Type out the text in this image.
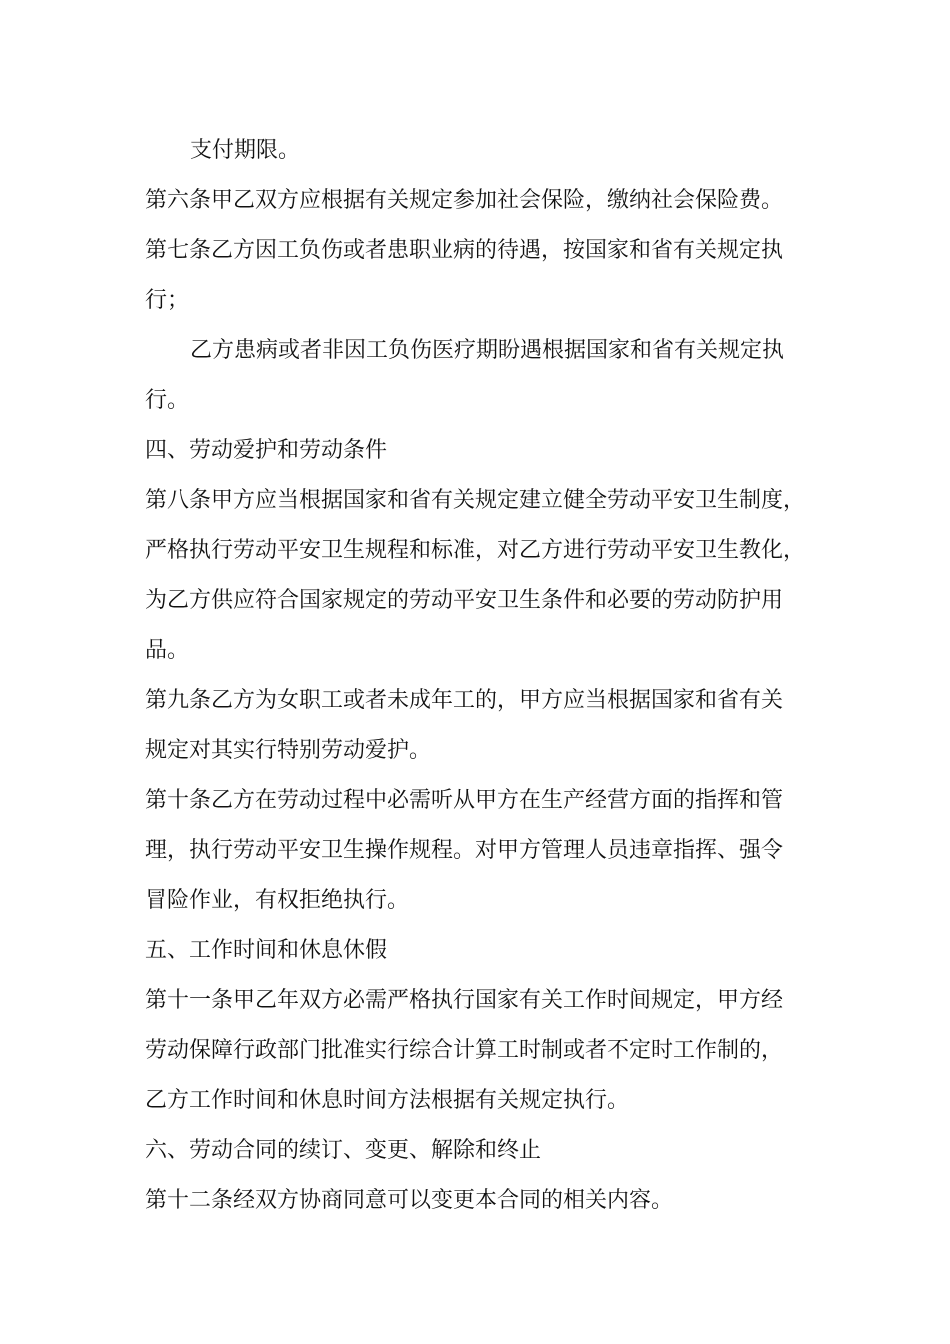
支付期限。

第六条甲乙双方应根据有关规定参加社会保险，缴纳社会保险费。

第七条乙方因工负伤或者患职业病的待遇，按国家和省有关规定执

行；

乙方患病或者非因工负伤医疗期盼遇根据国家和省有关规定执

行。

四、劳动爱护和劳动条件

第八条甲方应当根据国家和省有关规定建立健全劳动平安卫生制度，

严格执行劳动平安卫生规程和标准，对乙方进行劳动平安卫生教化，

为乙方供应符合国家规定的劳动平安卫生条件和必要的劳动防护用

品。

第九条乙方为女职工或者未成年工的，甲方应当根据国家和省有关

规定对其实行特别劳动爱护。

第十条乙方在劳动过程中必需听从甲方在生产经营方面的指挥和管

理，执行劳动平安卫生操作规程。对甲方管理人员违章指挥、强令

冒险作业，有权拒绝执行。

五、工作时间和休息休假

第十一条甲乙年双方必需严格执行国家有关工作时间规定，甲方经

劳动保障行政部门批准实行综合计算工时制或者不定时工作制的，

乙方工作时间和休息时间方法根据有关规定执行。

六、劳动合同的续订、变更、解除和终止

第十二条经双方协商同意可以变更本合同的相关内容。
